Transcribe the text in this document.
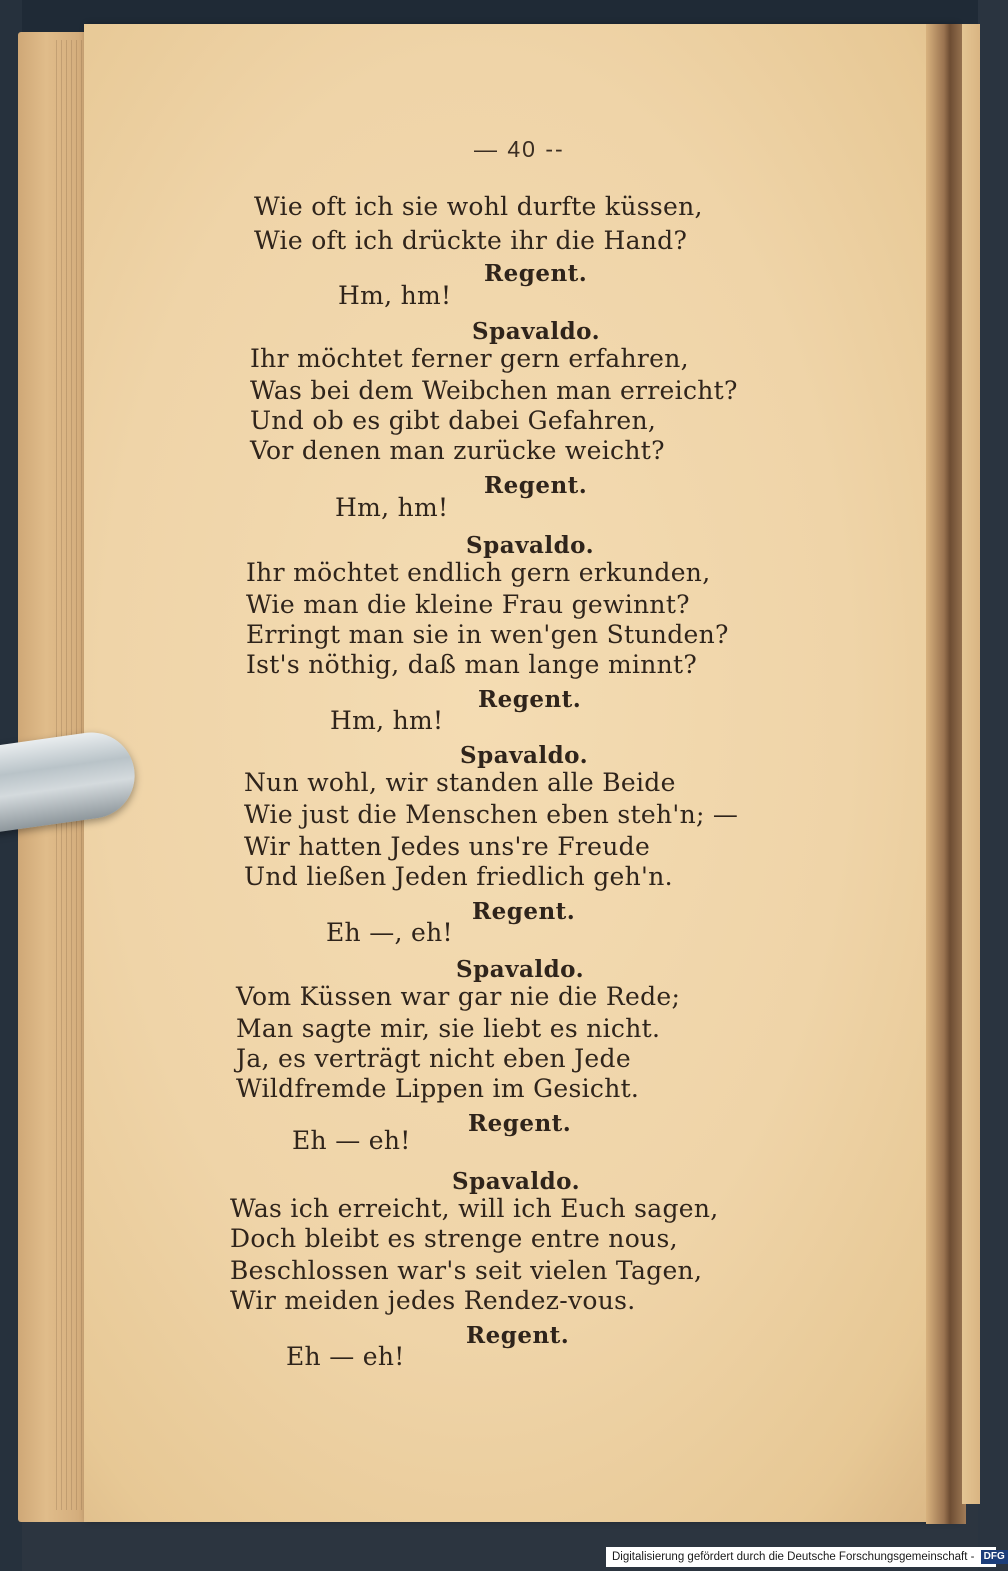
— 40 --

Wie oft ich sie wohl durfte küssen,

Wie oft ich drückte ihr die Hand?

Regent.

Hm, hm!

Spavaldo.

Ihr möchtet ferner gern erfahren,

Was bei dem Weibchen man erreicht?

Und ob es gibt dabei Gefahren,

Vor denen man zurücke weicht?

Regent.

Hm, hm!

Spavaldo.

Ihr möchtet endlich gern erkunden,

Wie man die kleine Frau gewinnt?

Erringt man sie in wen'gen Stunden?

Ist's nöthig, daß man lange minnt?

Regent.

Hm, hm!

Spavaldo.

Nun wohl, wir standen alle Beide

Wie just die Menschen eben steh'n; —

Wir hatten Jedes uns're Freude

Und ließen Jeden friedlich geh'n.

Regent.

Eh —, eh!

Spavaldo.

Vom Küssen war gar nie die Rede;

Man sagte mir, sie liebt es nicht.

Ja, es verträgt nicht eben Jede

Wildfremde Lippen im Gesicht.

Regent.

Eh — eh!

Spavaldo.

Was ich erreicht, will ich Euch sagen,

Doch bleibt es strenge entre nous,

Beschlossen war's seit vielen Tagen,

Wir meiden jedes Rendez-vous.

Regent.

Eh — eh!

Digitalisierung gefördert durch die Deutsche Forschungsgemeinschaft - DFG
